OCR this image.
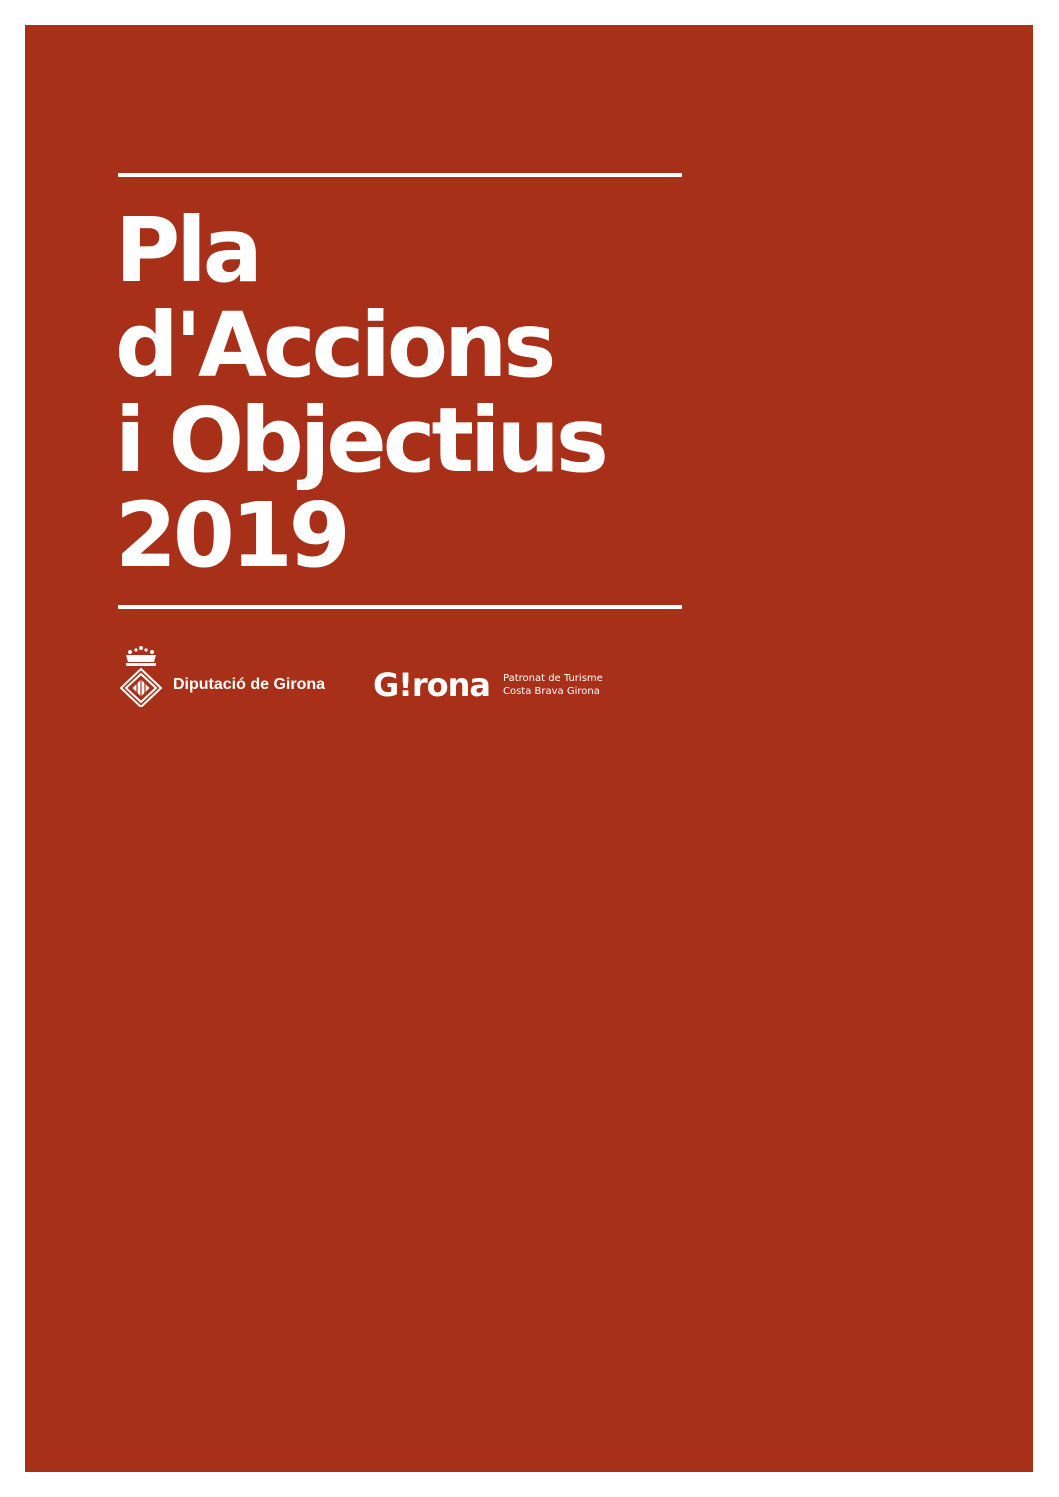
Pla
d'Accions
i Objectius
2019
Diputació de Girona G!rona Patronat de Turisme
Costa Brava Girona
